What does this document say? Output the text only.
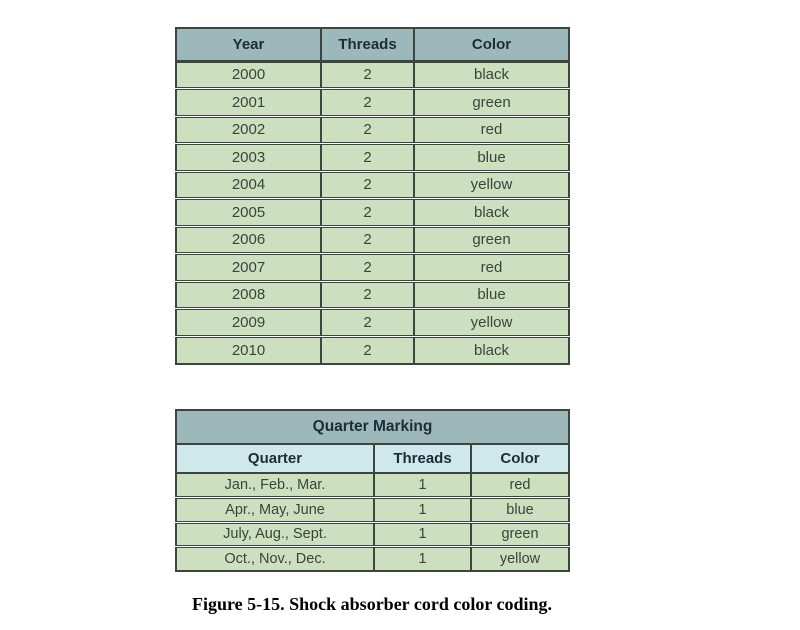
Year	Threads	Color
2000	2	black
2001	2	green
2002	2	red
2003	2	blue
2004	2	yellow
2005	2	black
2006	2	green
2007	2	red
2008	2	blue
2009	2	yellow
2010	2	black
Quarter Marking		
Quarter	Threads	Color
Jan., Feb., Mar.	1	red
Apr., May, June	1	blue
July, Aug., Sept.	1	green
Oct., Nov., Dec.	1	yellow
Figure 5-15. Shock absorber cord color coding.
